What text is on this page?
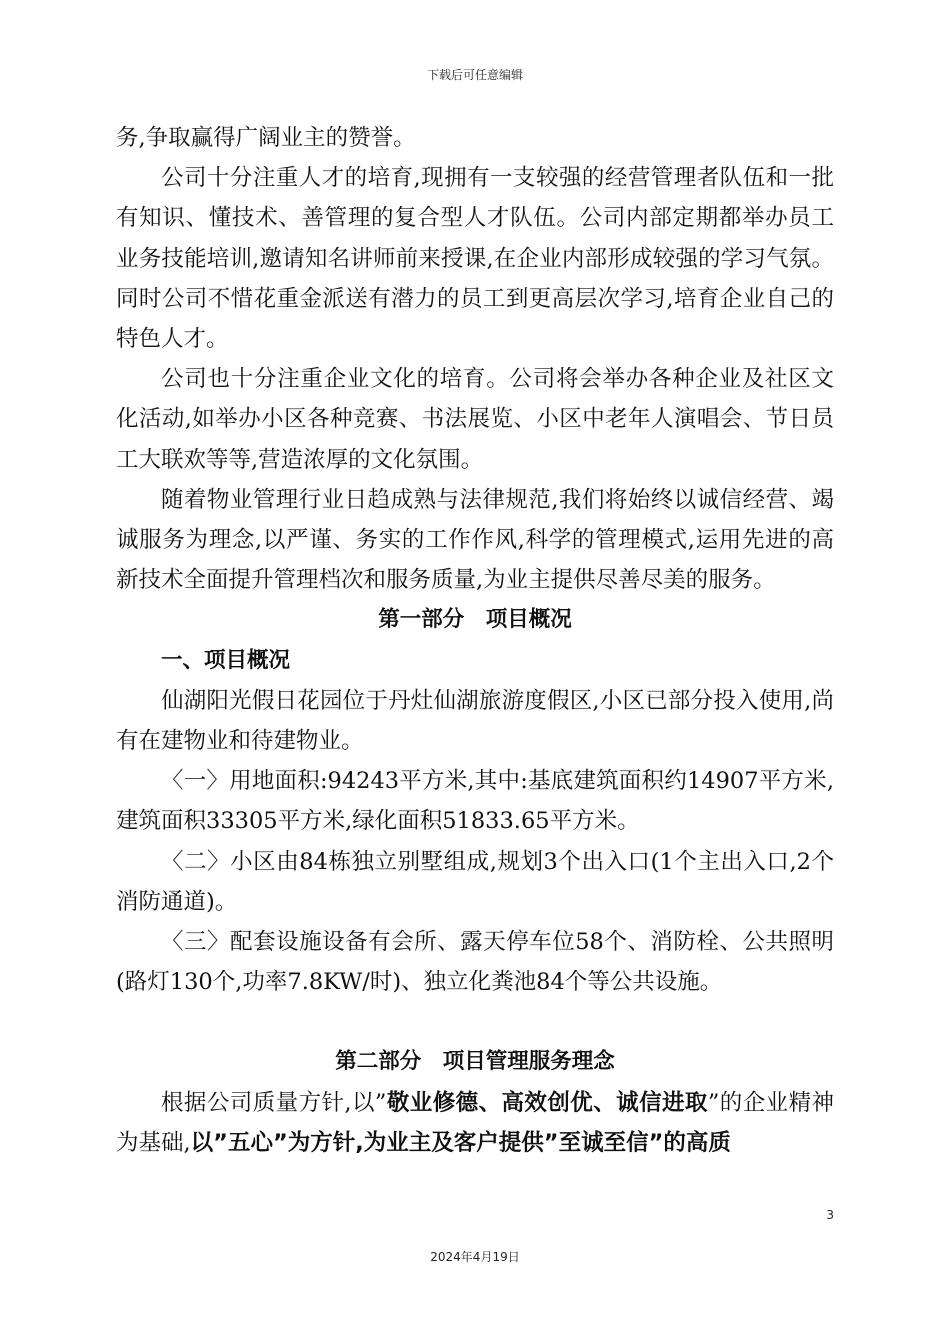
下载后可任意编辑

务,争取赢得广阔业主的赞誉。

公司十分注重人才的培育,现拥有一支较强的经营管理者队伍和一批有知识、懂技术、善管理的复合型人才队伍。公司内部定期都举办员工业务技能培训,邀请知名讲师前来授课,在企业内部形成较强的学习气氛。同时公司不惜花重金派送有潜力的员工到更高层次学习,培育企业自己的特色人才。

公司也十分注重企业文化的培育。公司将会举办各种企业及社区文化活动,如举办小区各种竞赛、书法展览、小区中老年人演唱会、节日员工大联欢等等,营造浓厚的文化氛围。

随着物业管理行业日趋成熟与法律规范,我们将始终以诚信经营、竭诚服务为理念,以严谨、务实的工作作风,科学的管理模式,运用先进的高新技术全面提升管理档次和服务质量,为业主提供尽善尽美的服务。

第一部分　项目概况

一、项目概况

仙湖阳光假日花园位于丹灶仙湖旅游度假区,小区已部分投入使用,尚有在建物业和待建物业。

〈一〉用地面积:94243平方米,其中:基底建筑面积约14907平方米,建筑面积33305平方米,绿化面积51833.65平方米。

〈二〉小区由84栋独立别墅组成,规划3个出入口(1个主出入口,2个消防通道)。

〈三〉配套设施设备有会所、露天停车位58个、消防栓、公共照明(路灯130个,功率7.8KW/时)、独立化粪池84个等公共设施。

第二部分　项目管理服务理念

根据公司质量方针,以”敬业修德、高效创优、诚信进取”的企业精神为基础,以”五心”为方针,为业主及客户提供”至诚至信”的高质

3
2024年4月19日
